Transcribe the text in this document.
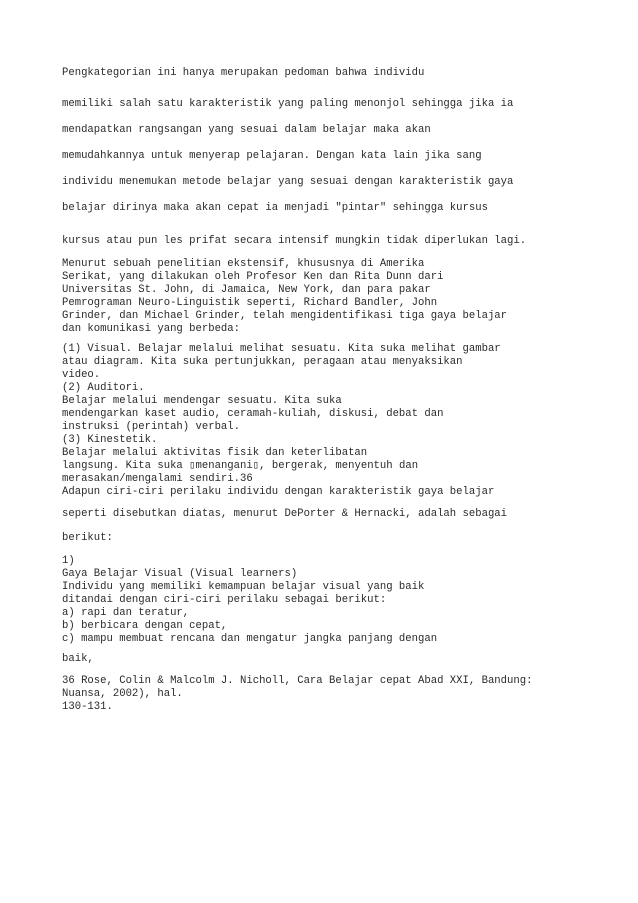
Pengkategorian ini hanya merupakan pedoman bahwa individu
memiliki salah satu karakteristik yang paling menonjol sehingga jika ia
mendapatkan rangsangan yang sesuai dalam belajar maka akan
memudahkannya untuk menyerap pelajaran. Dengan kata lain jika sang
individu menemukan metode belajar yang sesuai dengan karakteristik gaya
belajar dirinya maka akan cepat ia menjadi "pintar" sehingga kursus
kursus atau pun les prifat secara intensif mungkin tidak diperlukan lagi.
Menurut sebuah penelitian ekstensif, khususnya di Amerika
Serikat, yang dilakukan oleh Profesor Ken dan Rita Dunn dari
Universitas St. John, di Jamaica, New York, dan para pakar
Pemrograman Neuro-Linguistik seperti, Richard Bandler, John
Grinder, dan Michael Grinder, telah mengidentifikasi tiga gaya belajar
dan komunikasi yang berbeda:
(1) Visual. Belajar melalui melihat sesuatu. Kita suka melihat gambar
atau diagram. Kita suka pertunjukkan, peragaan atau menyaksikan
video.
(2) Auditori.
Belajar melalui mendengar sesuatu. Kita suka
mendengarkan kaset audio, ceramah-kuliah, diskusi, debat dan
instruksi (perintah) verbal.
(3) Kinestetik.
Belajar melalui aktivitas fisik dan keterlibatan
langsung. Kita suka ▯menangani▯, bergerak, menyentuh dan
merasakan/mengalami sendiri.36
Adapun ciri-ciri perilaku individu dengan karakteristik gaya belajar
seperti disebutkan diatas, menurut DePorter & Hernacki, adalah sebagai
berikut:
1)
Gaya Belajar Visual (Visual learners)
Individu yang memiliki kemampuan belajar visual yang baik
ditandai dengan ciri-ciri perilaku sebagai berikut:
a) rapi dan teratur,
b) berbicara dengan cepat,
c) mampu membuat rencana dan mengatur jangka panjang dengan
baik,
36 Rose, Colin & Malcolm J. Nicholl, Cara Belajar cepat Abad XXI, Bandung:
Nuansa, 2002), hal.
130-131.
